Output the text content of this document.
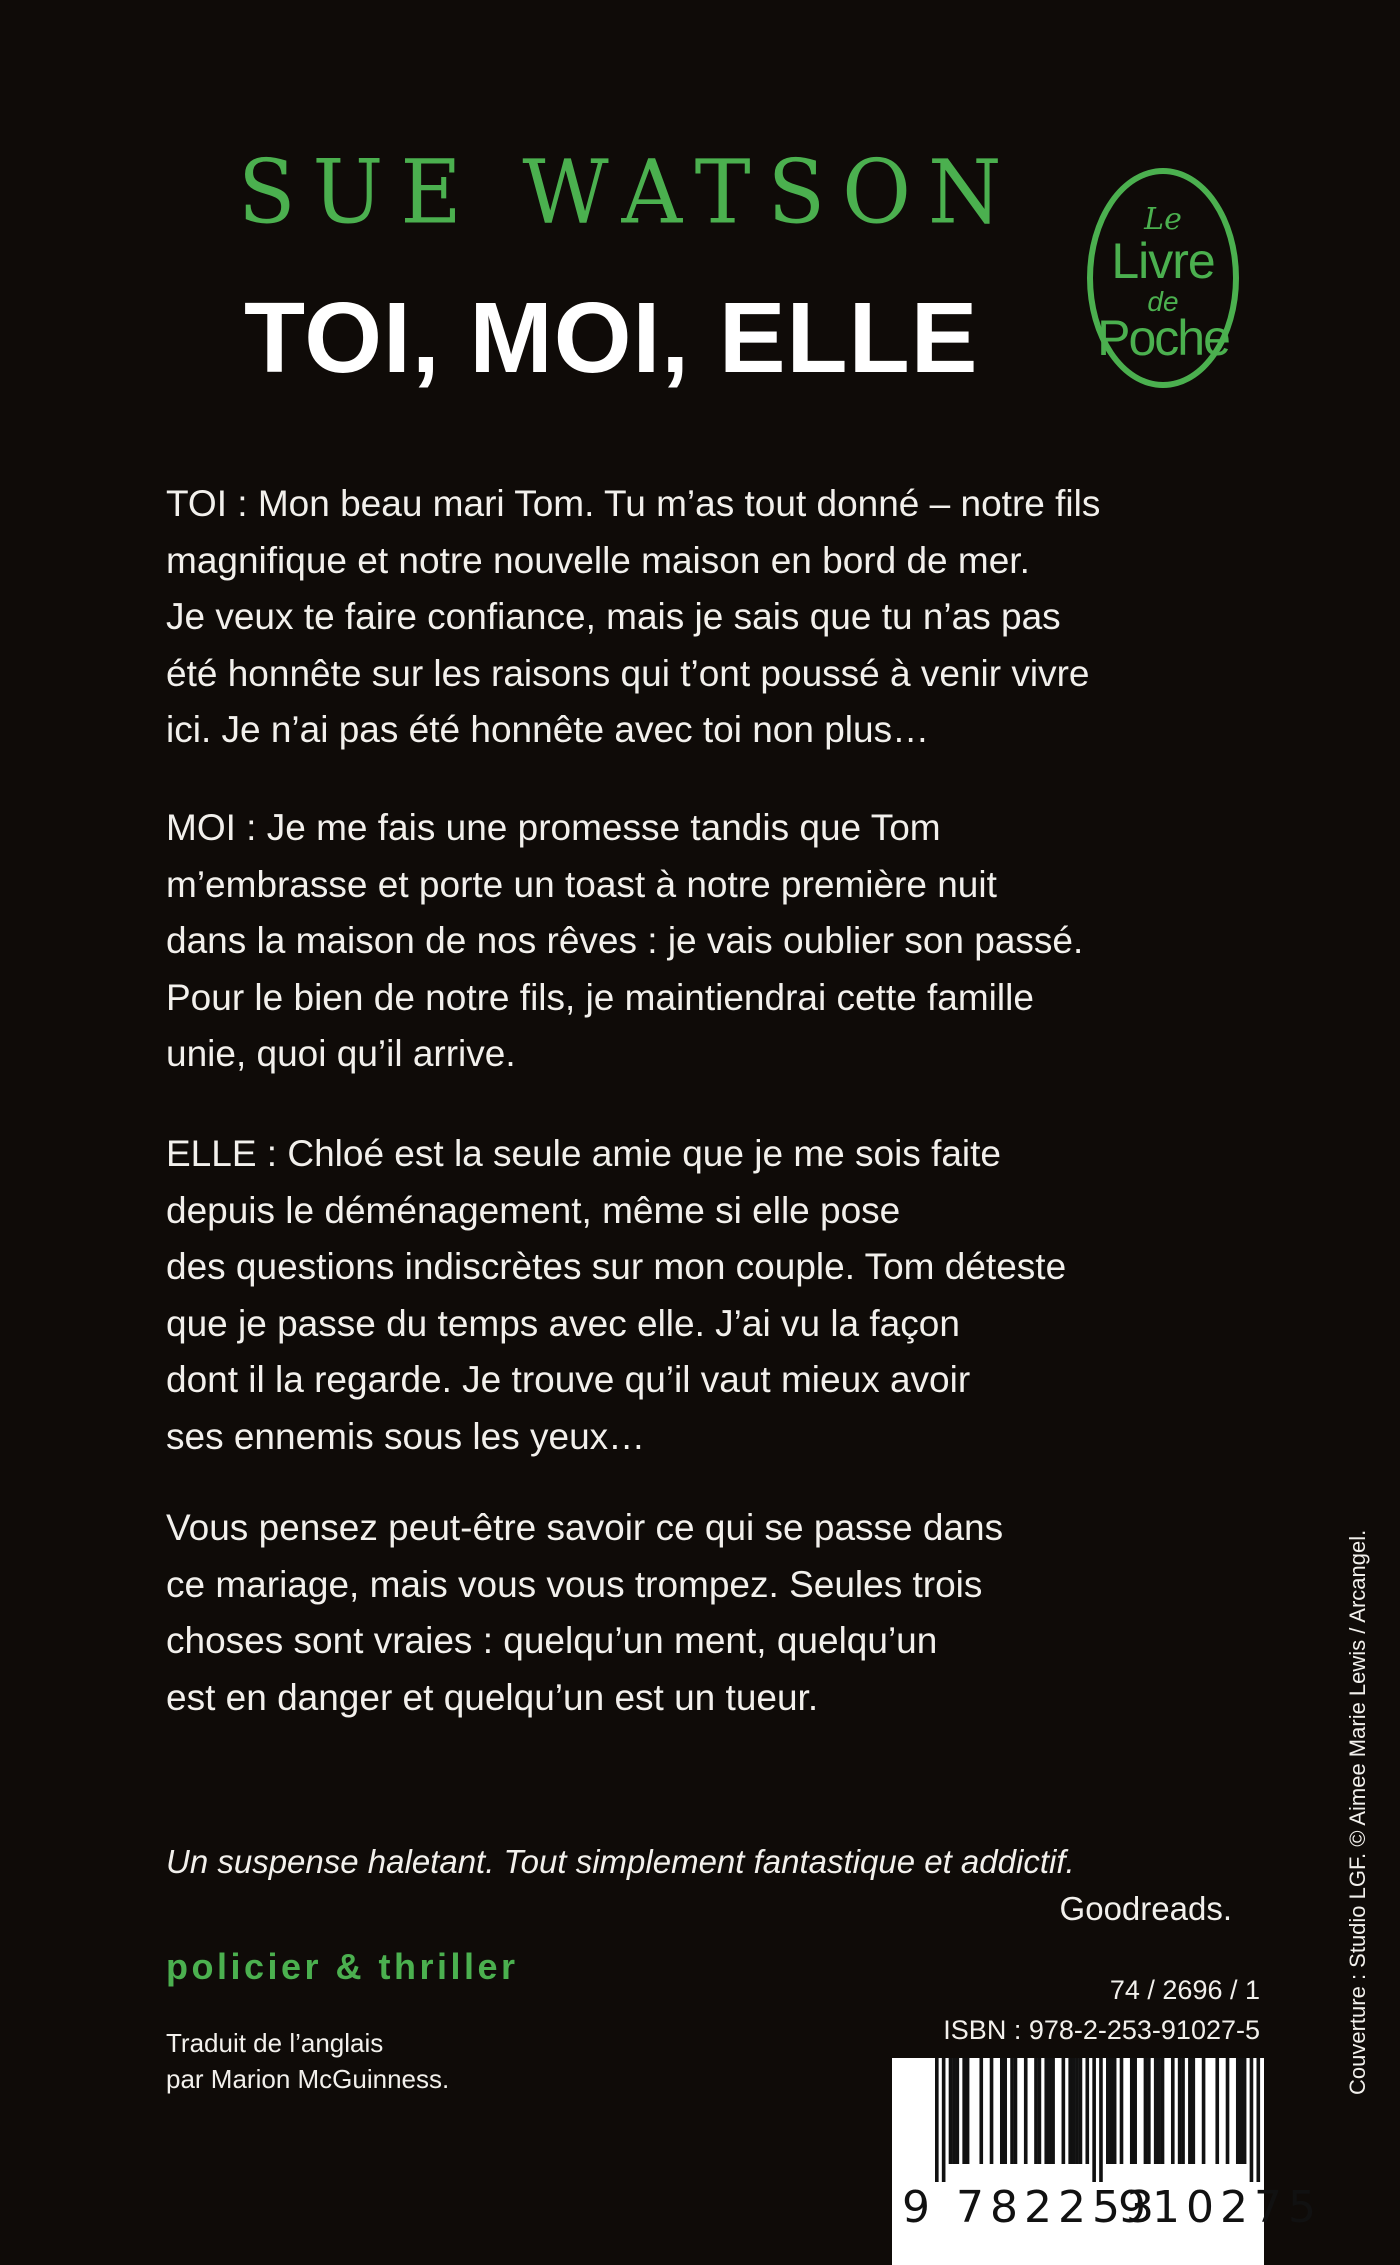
SUE WATSON
TOI, MOI, ELLE
Le
Livre
de
Poche
TOI : Mon beau mari Tom. Tu m’as tout donné – notre fils
magnifique et notre nouvelle maison en bord de mer.
Je veux te faire confiance, mais je sais que tu n’as pas
été honnête sur les raisons qui t’ont poussé à venir vivre
ici. Je n’ai pas été honnête avec toi non plus…
MOI : Je me fais une promesse tandis que Tom
m’embrasse et porte un toast à notre première nuit
dans la maison de nos rêves : je vais oublier son passé.
Pour le bien de notre fils, je maintiendrai cette famille
unie, quoi qu’il arrive.
ELLE : Chloé est la seule amie que je me sois faite
depuis le déménagement, même si elle pose
des questions indiscrètes sur mon couple. Tom déteste
que je passe du temps avec elle. J’ai vu la façon
dont il la regarde. Je trouve qu’il vaut mieux avoir
ses ennemis sous les yeux…
Vous pensez peut-être savoir ce qui se passe dans
ce mariage, mais vous vous trompez. Seules trois
choses sont vraies : quelqu’un ment, quelqu’un
est en danger et quelqu’un est un tueur.
Un suspense haletant. Tout simplement fantastique et addictif.
Goodreads.
policier & thriller
Traduit de l’anglais
par Marion McGuinness.
74 / 2696 / 1
ISBN : 978-2-253-91027-5
9 782253
910275
Couverture : Studio LGF. © Aimee Marie Lewis / Arcangel.
